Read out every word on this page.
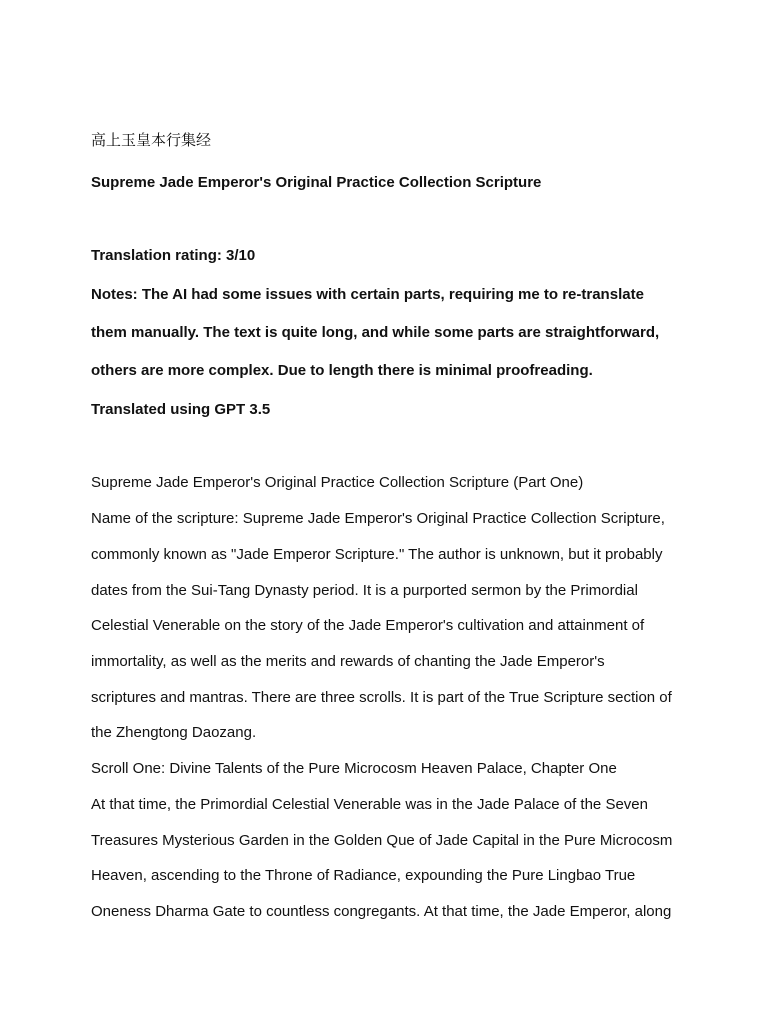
高上玉皇本行集经
Supreme Jade Emperor's Original Practice Collection Scripture
Translation rating: 3/10
Notes: The AI had some issues with certain parts, requiring me to re-translate
them manually. The text is quite long, and while some parts are straightforward,
others are more complex. Due to length there is minimal proofreading.
Translated using GPT 3.5
Supreme Jade Emperor's Original Practice Collection Scripture (Part One)
Name of the scripture: Supreme Jade Emperor's Original Practice Collection Scripture,
commonly known as "Jade Emperor Scripture." The author is unknown, but it probably
dates from the Sui-Tang Dynasty period. It is a purported sermon by the Primordial
Celestial Venerable on the story of the Jade Emperor's cultivation and attainment of
immortality, as well as the merits and rewards of chanting the Jade Emperor's
scriptures and mantras. There are three scrolls. It is part of the True Scripture section of
the Zhengtong Daozang.
Scroll One: Divine Talents of the Pure Microcosm Heaven Palace, Chapter One
At that time, the Primordial Celestial Venerable was in the Jade Palace of the Seven
Treasures Mysterious Garden in the Golden Que of Jade Capital in the Pure Microcosm
Heaven, ascending to the Throne of Radiance, expounding the Pure Lingbao True
Oneness Dharma Gate to countless congregants. At that time, the Jade Emperor, along
